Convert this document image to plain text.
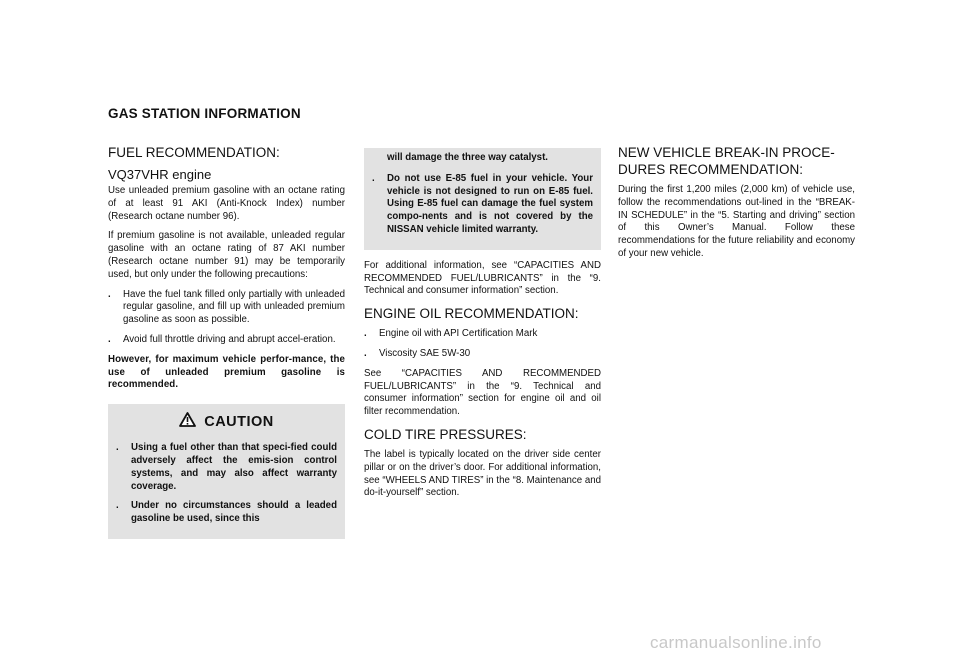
GAS STATION INFORMATION
FUEL RECOMMENDATION:
VQ37VHR engine

Use unleaded premium gasoline with an octane rating of at least 91 AKI (Anti-Knock Index) number (Research octane number 96).

If premium gasoline is not available, unleaded regular gasoline with an octane rating of 87 AKI number (Research octane number 91) may be temporarily used, but only under the following precautions:

. Have the fuel tank filled only partially with unleaded regular gasoline, and fill up with unleaded premium gasoline as soon as possible.
. Avoid full throttle driving and abrupt accel-eration.

However, for maximum vehicle perfor-mance, the use of unleaded premium gasoline is recommended.

CAUTION
. Using a fuel other than that speci-fied could adversely affect the emis-sion control systems, and may also affect warranty coverage.
. Under no circumstances should a leaded gasoline be used, since this
will damage the three way catalyst.
. Do not use E-85 fuel in your vehicle. Your vehicle is not designed to run on E-85 fuel. Using E-85 fuel can damage the fuel system compo-nents and is not covered by the NISSAN vehicle limited warranty.

For additional information, see “CAPACITIES AND RECOMMENDED FUEL/LUBRICANTS” in the “9. Technical and consumer information” section.

ENGINE OIL RECOMMENDATION:
. Engine oil with API Certification Mark
. Viscosity SAE 5W-30

See “CAPACITIES AND RECOMMENDED FUEL/LUBRICANTS” in the “9. Technical and consumer information” section for engine oil and oil filter recommendation.

COLD TIRE PRESSURES:

The label is typically located on the driver side center pillar or on the driver’s door. For additional information, see “WHEELS AND TIRES” in the “8. Maintenance and do-it-yourself” section.

NEW VEHICLE BREAK-IN PROCE-DURES RECOMMENDATION:

During the first 1,200 miles (2,000 km) of vehicle use, follow the recommendations out-lined in the “BREAK-IN SCHEDULE” in the “5. Starting and driving” section of this Owner’s Manual. Follow these recommendations for the future reliability and economy of your new vehicle.

carmanualsonline.info
